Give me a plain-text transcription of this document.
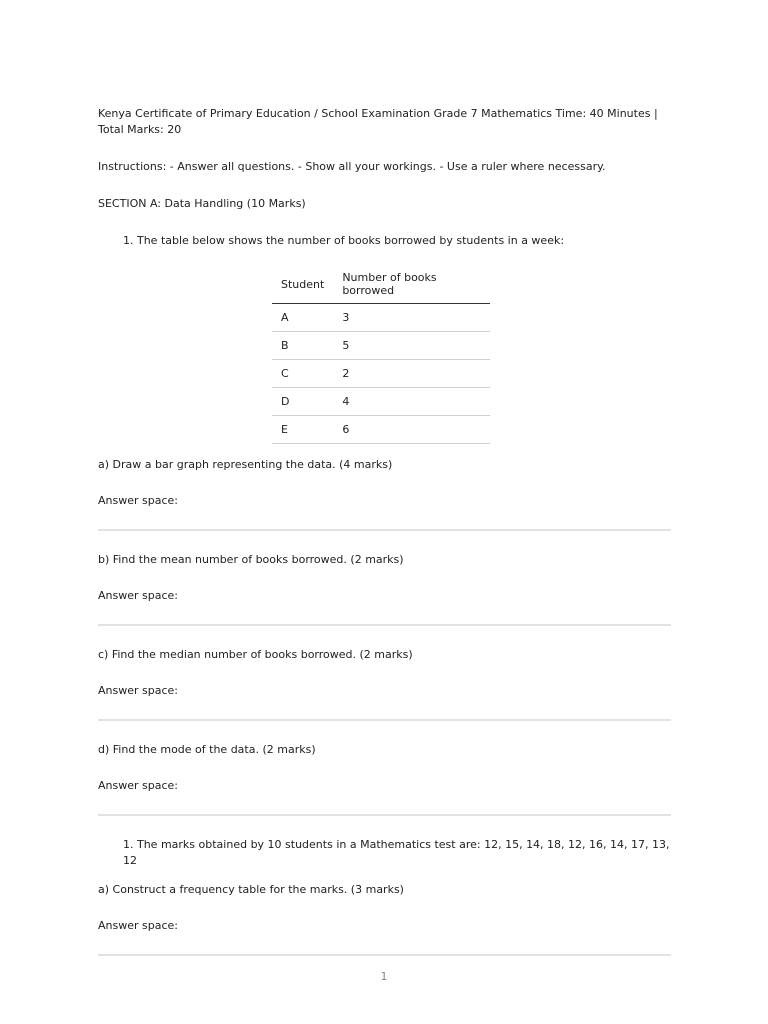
Kenya Certificate of Primary Education / School Examination Grade 7 Mathematics Time: 40 Minutes | Total Marks: 20

Instructions: - Answer all questions. - Show all your workings. - Use a ruler where necessary.

SECTION A: Data Handling (10 Marks)

1. The table below shows the number of books borrowed by students in a week:

Student	Number of books borrowed
A	3
B	5
C	2
D	4
E	6

a) Draw a bar graph representing the data. (4 marks)

Answer space:

b) Find the mean number of books borrowed. (2 marks)

Answer space:

c) Find the median number of books borrowed. (2 marks)

Answer space:

d) Find the mode of the data. (2 marks)

Answer space:

1. The marks obtained by 10 students in a Mathematics test are: 12, 15, 14, 18, 12, 16, 14, 17, 13, 12

a) Construct a frequency table for the marks. (3 marks)

Answer space:

1
